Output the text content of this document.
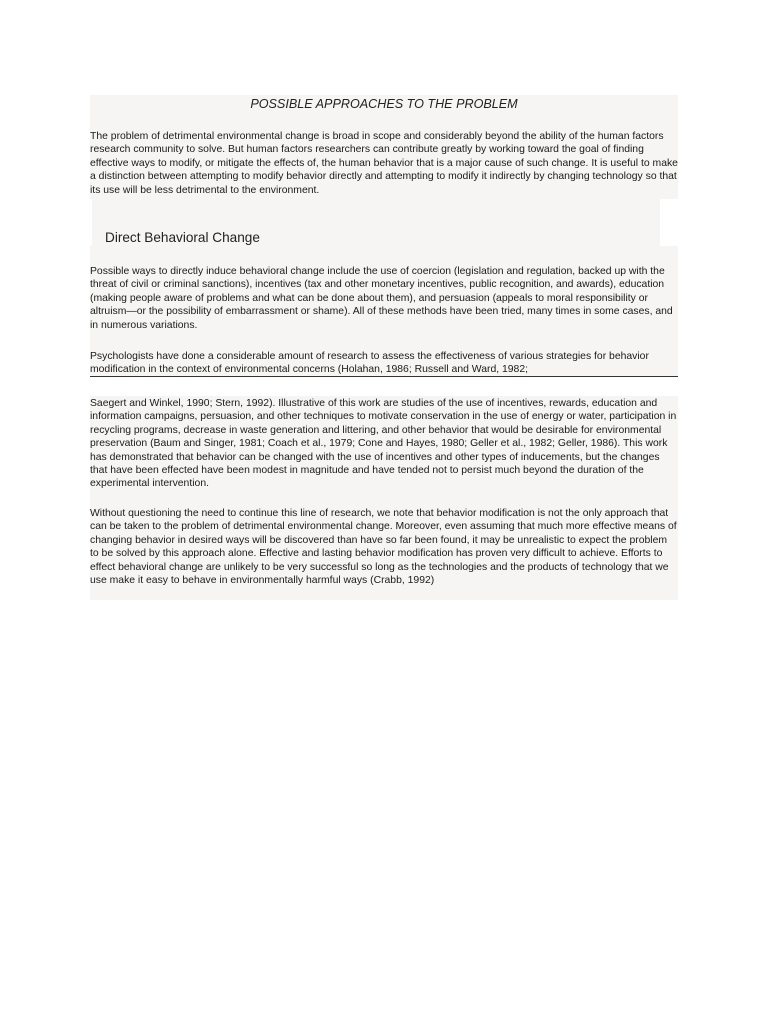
POSSIBLE APPROACHES TO THE PROBLEM

The problem of detrimental environmental change is broad in scope and considerably beyond the ability of the human factors research community to solve. But human factors researchers can contribute greatly by working toward the goal of finding effective ways to modify, or mitigate the effects of, the human behavior that is a major cause of such change. It is useful to make a distinction between attempting to modify behavior directly and attempting to modify it indirectly by changing technology so that its use will be less detrimental to the environment.

Direct Behavioral Change

Possible ways to directly induce behavioral change include the use of coercion (legislation and regulation, backed up with the threat of civil or criminal sanctions), incentives (tax and other monetary incentives, public recognition, and awards), education (making people aware of problems and what can be done about them), and persuasion (appeals to moral responsibility or altruism—or the possibility of embarrassment or shame). All of these methods have been tried, many times in some cases, and in numerous variations.

Psychologists have done a considerable amount of research to assess the effectiveness of various strategies for behavior modification in the context of environmental concerns (Holahan, 1986; Russell and Ward, 1982;

Saegert and Winkel, 1990; Stern, 1992). Illustrative of this work are studies of the use of incentives, rewards, education and information campaigns, persuasion, and other techniques to motivate conservation in the use of energy or water, participation in recycling programs, decrease in waste generation and littering, and other behavior that would be desirable for environmental preservation (Baum and Singer, 1981; Coach et al., 1979; Cone and Hayes, 1980; Geller et al., 1982; Geller, 1986). This work has demonstrated that behavior can be changed with the use of incentives and other types of inducements, but the changes that have been effected have been modest in magnitude and have tended not to persist much beyond the duration of the experimental intervention.

Without questioning the need to continue this line of research, we note that behavior modification is not the only approach that can be taken to the problem of detrimental environmental change. Moreover, even assuming that much more effective means of changing behavior in desired ways will be discovered than have so far been found, it may be unrealistic to expect the problem to be solved by this approach alone. Effective and lasting behavior modification has proven very difficult to achieve. Efforts to effect behavioral change are unlikely to be very successful so long as the technologies and the products of technology that we use make it easy to behave in environmentally harmful ways (Crabb, 1992)
